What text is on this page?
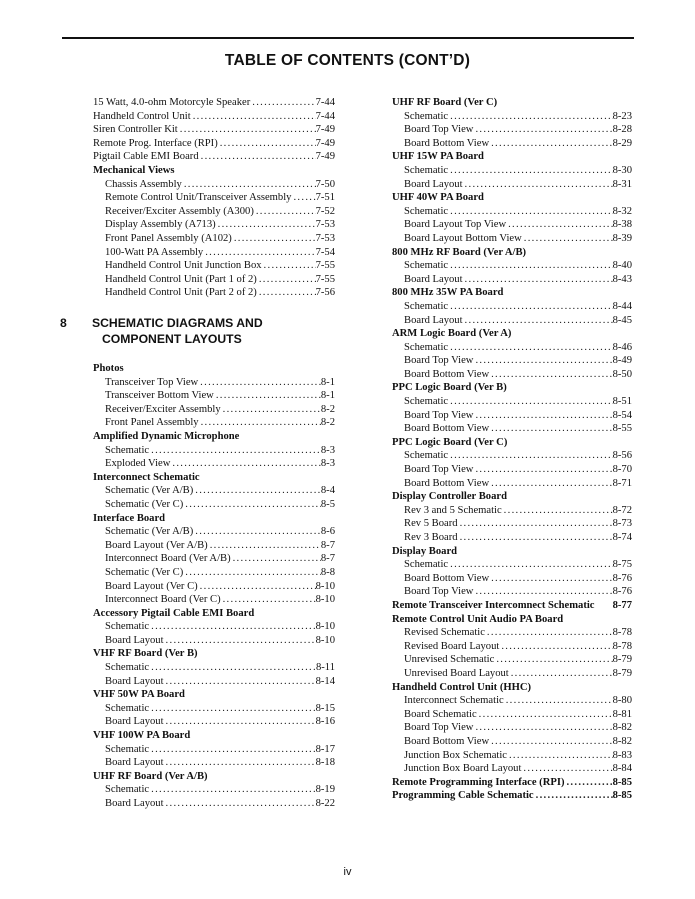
TABLE OF CONTENTS (CONT’D)
15 Watt, 4.0-ohm Motorcyle Speaker .....	7-44
Handheld Control Unit .....	7-44
Siren Controller Kit .....	7-49
Remote Prog. Interface (RPI) .....	7-49
Pigtail Cable EMI Board .....	7-49
Mechanical Views
Chassis Assembly .....	7-50
Remote Control Unit/Transceiver Assembly ..... 7-51
Receiver/Exciter Assembly (A300) .....	7-52
Display Assembly (A713) .....	7-53
Front Panel Assembly (A102) .....	7-53
100-Watt PA Assembly .....	7-54
Handheld Control Unit Junction Box .....	7-55
Handheld Control Unit (Part 1 of 2) .....	7-55
Handheld Control Unit (Part 2 of 2) .....	7-56
8 SCHEMATIC DIAGRAMS AND
COMPONENT LAYOUTS
Photos
Transceiver Top View .....	8-1
Transceiver Bottom View .....	8-1
Receiver/Exciter Assembly .....	8-2
Front Panel Assembly .....	8-2
Amplified Dynamic Microphone
Schematic .....	8-3
Exploded View .....	8-3
Interconnect Schematic
Schematic (Ver A/B) .....	8-4
Schematic (Ver C) .....	8-5
Interface Board
Schematic (Ver A/B) .....	8-6
Board Layout (Ver A/B) .....	8-7
Interconnect Board (Ver A/B) .....	8-7
Schematic (Ver C) .....	8-8
Board Layout (Ver C) .....	8-10
Interconnect Board (Ver C) .....	8-10
Accessory Pigtail Cable EMI Board
Schematic .....	8-10
Board Layout .....	8-10
VHF RF Board (Ver B)
Schematic .....	8-11
Board Layout .....	8-14
VHF 50W PA Board
Schematic .....	8-15
Board Layout .....	8-16
VHF 100W PA Board
Schematic .....	8-17
Board Layout .....	8-18
UHF RF Board (Ver A/B)
Schematic .....	8-19
Board Layout .....	8-22
UHF RF Board (Ver C)
Schematic .....	8-23
Board Top View .....	8-28
Board Bottom View .....	8-29
UHF 15W PA Board
Schematic .....	8-30
Board Layout .....	8-31
UHF 40W PA Board
Schematic .....	8-32
Board Layout Top View .....	8-38
Board Layout Bottom View .....	8-39
800 MHz RF Board (Ver A/B)
Schematic .....	8-40
Board Layout .....	8-43
800 MHz 35W PA Board
Schematic .....	8-44
Board Layout .....	8-45
ARM Logic Board (Ver A)
Schematic .....	8-46
Board Top View .....	8-49
Board Bottom View .....	8-50
PPC Logic Board (Ver B)
Schematic .....	8-51
Board Top View .....	8-54
Board Bottom View .....	8-55
PPC Logic Board (Ver C)
Schematic .....	8-56
Board Top View .....	8-70
Board Bottom View .....	8-71
Display Controller Board
Rev 3 and 5 Schematic .....	8-72
Rev 5 Board .....	8-73
Rev 3 Board .....	8-74
Display Board
Schematic .....	8-75
Board Bottom View .....	8-76
Board Top View .....	8-76
Remote Transceiver Intercomnect Schematic 8-77
Remote Control Unit Audio PA Board
Revised Schematic .....	8-78
Revised Board Layout .....	8-78
Unrevised Schematic .....	8-79
Unrevised Board Layout .....	8-79
Handheld Control Unit (HHC)
Interconnect Schematic .....	8-80
Board Schematic .....	8-81
Board Top View .....	8-82
Board Bottom View .....	8-82
Junction Box Schematic .....	8-83
Junction Box Board Layout .....	8-84
Remote Programming Interface (RPI) .....	8-85
Programming Cable Schematic .....	8-85
iv
